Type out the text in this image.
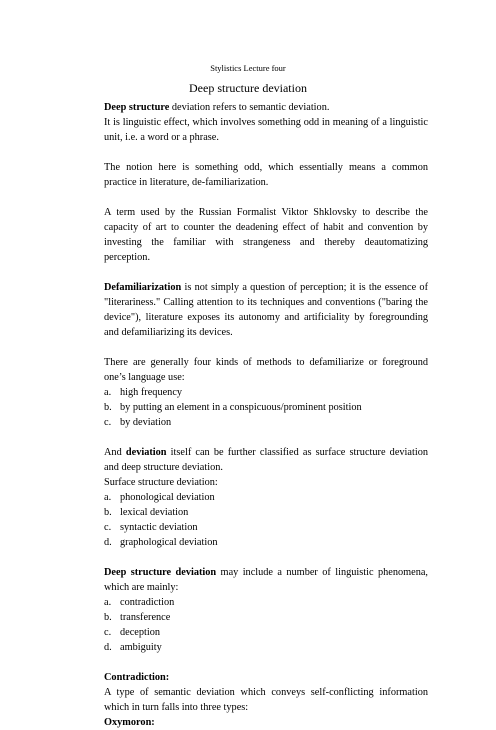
Stylistics Lecture four
Deep structure deviation

Deep structure deviation refers to semantic deviation.

It is linguistic effect, which involves something odd in meaning of a linguistic unit, i.e. a word or a phrase.

The notion here is something odd, which essentially means a common practice in literature, de-familiarization.

A term used by the Russian Formalist Viktor Shklovsky to describe the capacity of art to counter the deadening effect of habit and convention by investing the familiar with strangeness and thereby deautomatizing perception.

Defamiliarization is not simply a question of perception; it is the essence of "literariness." Calling attention to its techniques and conventions ("baring the device"), literature exposes its autonomy and artificiality by foregrounding and defamiliarizing its devices.

There are generally four kinds of methods to defamiliarize or foreground one’s language use:

a. high frequency
b. by putting an element in a conspicuous/prominent position
c. by deviation

And deviation itself can be further classified as surface structure deviation and deep structure deviation.

Surface structure deviation:

a. phonological deviation
b. lexical deviation
c. syntactic deviation
d. graphological deviation

Deep structure deviation may include a number of linguistic phenomena, which are mainly:

a. contradiction
b. transference
c. deception
d. ambiguity

Contradiction:

A type of semantic deviation which conveys self-conflicting information which in turn falls into three types:

Oxymoron:
